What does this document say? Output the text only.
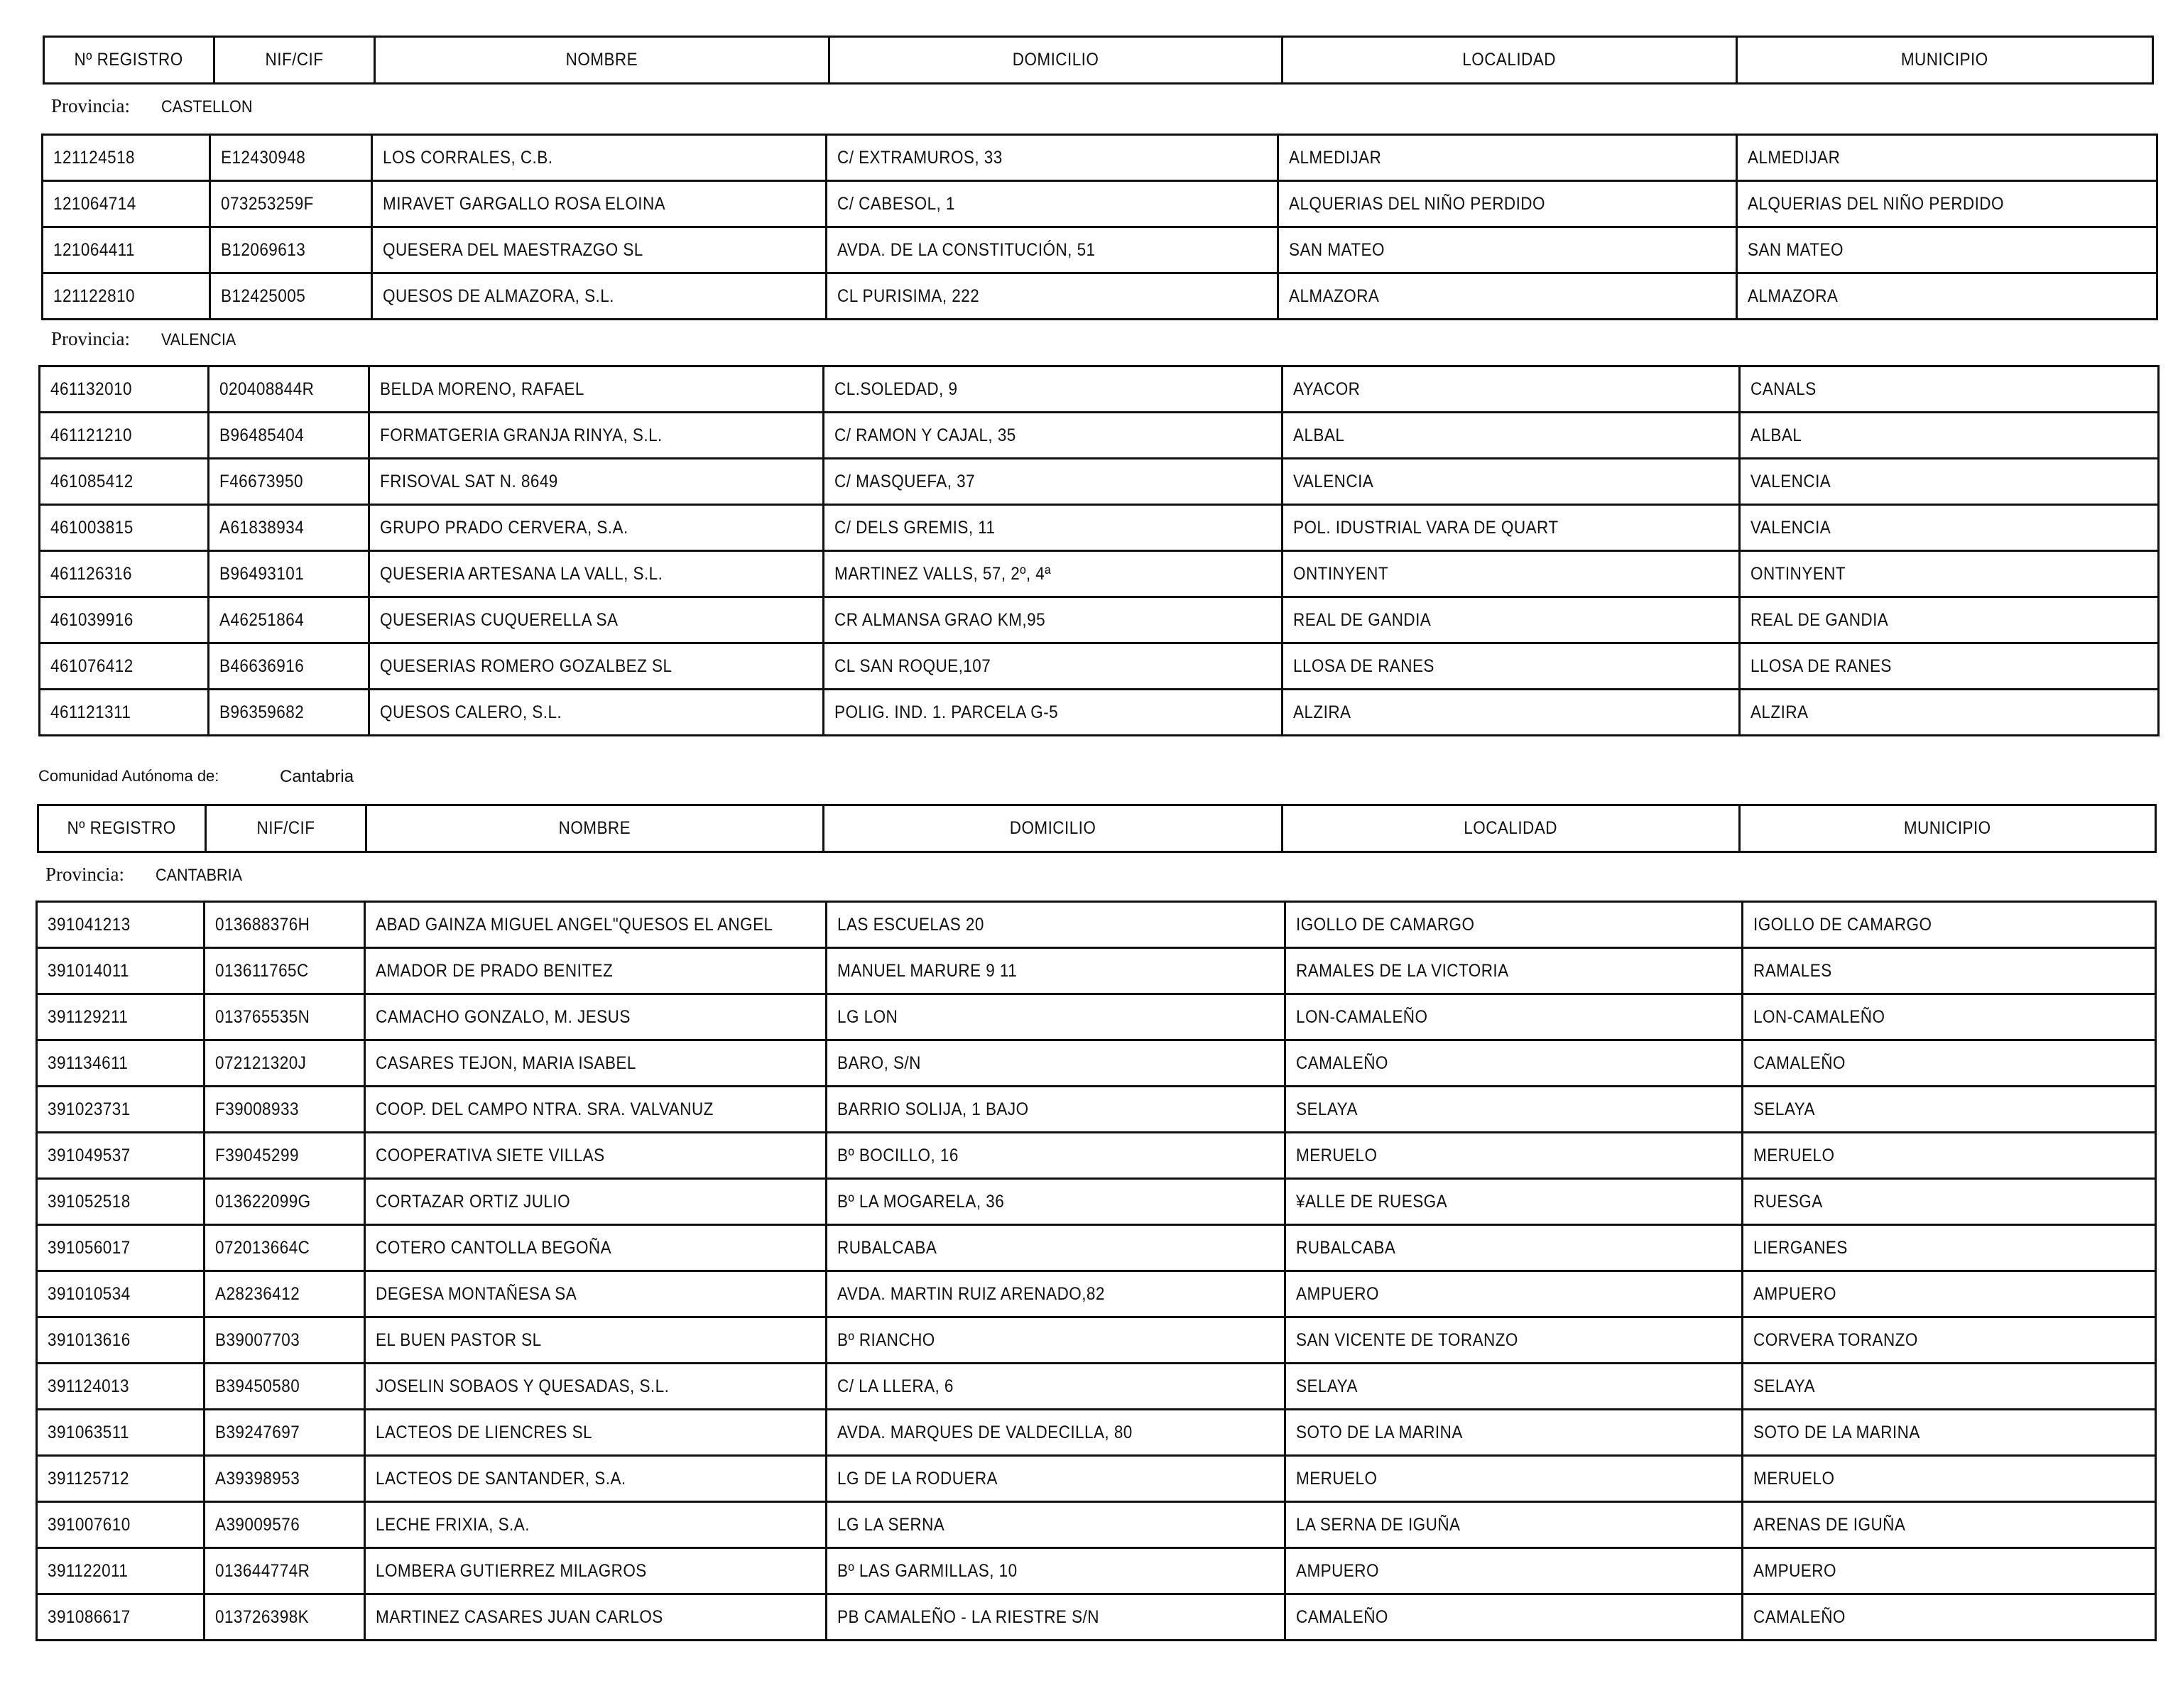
Nº REGISTRO	NIF/CIF	NOMBRE	DOMICILIO	LOCALIDAD	MUNICIPIO
Provincia: CASTELLON
121124518	E12430948	LOS CORRALES, C.B.	C/ EXTRAMUROS, 33	ALMEDIJAR	ALMEDIJAR
121064714	073253259F	MIRAVET GARGALLO ROSA ELOINA	C/ CABESOL, 1	ALQUERIAS DEL NIÑO PERDIDO	ALQUERIAS DEL NIÑO PERDIDO
121064411	B12069613	QUESERA DEL MAESTRAZGO SL	AVDA. DE LA CONSTITUCIÓN, 51	SAN MATEO	SAN MATEO
121122810	B12425005	QUESOS DE ALMAZORA, S.L.	CL PURISIMA, 222	ALMAZORA	ALMAZORA
Provincia: VALENCIA
461132010	020408844R	BELDA MORENO, RAFAEL	CL.SOLEDAD, 9	AYACOR	CANALS
461121210	B96485404	FORMATGERIA GRANJA RINYA, S.L.	C/ RAMON Y CAJAL, 35	ALBAL	ALBAL
461085412	F46673950	FRISOVAL SAT N. 8649	C/ MASQUEFA, 37	VALENCIA	VALENCIA
461003815	A61838934	GRUPO PRADO CERVERA, S.A.	C/ DELS GREMIS, 11	POL. IDUSTRIAL VARA DE QUART	VALENCIA
461126316	B96493101	QUESERIA ARTESANA LA VALL, S.L.	MARTINEZ VALLS, 57, 2º, 4ª	ONTINYENT	ONTINYENT
461039916	A46251864	QUESERIAS CUQUERELLA SA	CR ALMANSA GRAO KM,95	REAL DE GANDIA	REAL DE GANDIA
461076412	B46636916	QUESERIAS ROMERO GOZALBEZ SL	CL SAN ROQUE,107	LLOSA DE RANES	LLOSA DE RANES
461121311	B96359682	QUESOS CALERO, S.L.	POLIG. IND. 1. PARCELA G-5	ALZIRA	ALZIRA
Comunidad Autónoma de:	Cantabria
Nº REGISTRO	NIF/CIF	NOMBRE	DOMICILIO	LOCALIDAD	MUNICIPIO
Provincia: CANTABRIA
391041213	013688376H	ABAD GAINZA MIGUEL ANGEL"QUESOS EL ANGEL	LAS ESCUELAS 20	IGOLLO DE CAMARGO	IGOLLO DE CAMARGO
391014011	013611765C	AMADOR DE PRADO BENITEZ	MANUEL MARURE 9 11	RAMALES DE LA VICTORIA	RAMALES
391129211	013765535N	CAMACHO GONZALO, M. JESUS	LG LON	LON-CAMALEÑO	LON-CAMALEÑO
391134611	072121320J	CASARES TEJON, MARIA ISABEL	BARO, S/N	CAMALEÑO	CAMALEÑO
391023731	F39008933	COOP. DEL CAMPO NTRA. SRA. VALVANUZ	BARRIO SOLIJA, 1 BAJO	SELAYA	SELAYA
391049537	F39045299	COOPERATIVA SIETE VILLAS	Bº BOCILLO, 16	MERUELO	MERUELO
391052518	013622099G	CORTAZAR ORTIZ JULIO	Bº LA MOGARELA, 36	¥ALLE DE RUESGA	RUESGA
391056017	072013664C	COTERO CANTOLLA BEGOÑA	RUBALCABA	RUBALCABA	LIERGANES
391010534	A28236412	DEGESA MONTAÑESA SA	AVDA. MARTIN RUIZ ARENADO,82	AMPUERO	AMPUERO
391013616	B39007703	EL BUEN PASTOR SL	Bº RIANCHO	SAN VICENTE DE TORANZO	CORVERA TORANZO
391124013	B39450580	JOSELIN SOBAOS Y QUESADAS, S.L.	C/ LA LLERA, 6	SELAYA	SELAYA
391063511	B39247697	LACTEOS DE LIENCRES SL	AVDA. MARQUES DE VALDECILLA, 80	SOTO DE LA MARINA	SOTO DE LA MARINA
391125712	A39398953	LACTEOS DE SANTANDER, S.A.	LG DE LA RODUERA	MERUELO	MERUELO
391007610	A39009576	LECHE FRIXIA, S.A.	LG LA SERNA	LA SERNA DE IGUÑA	ARENAS DE IGUÑA
391122011	013644774R	LOMBERA GUTIERREZ MILAGROS	Bº LAS GARMILLAS, 10	AMPUERO	AMPUERO
391086617	013726398K	MARTINEZ CASARES JUAN CARLOS	PB CAMALEÑO - LA RIESTRE S/N	CAMALEÑO	CAMALEÑO
